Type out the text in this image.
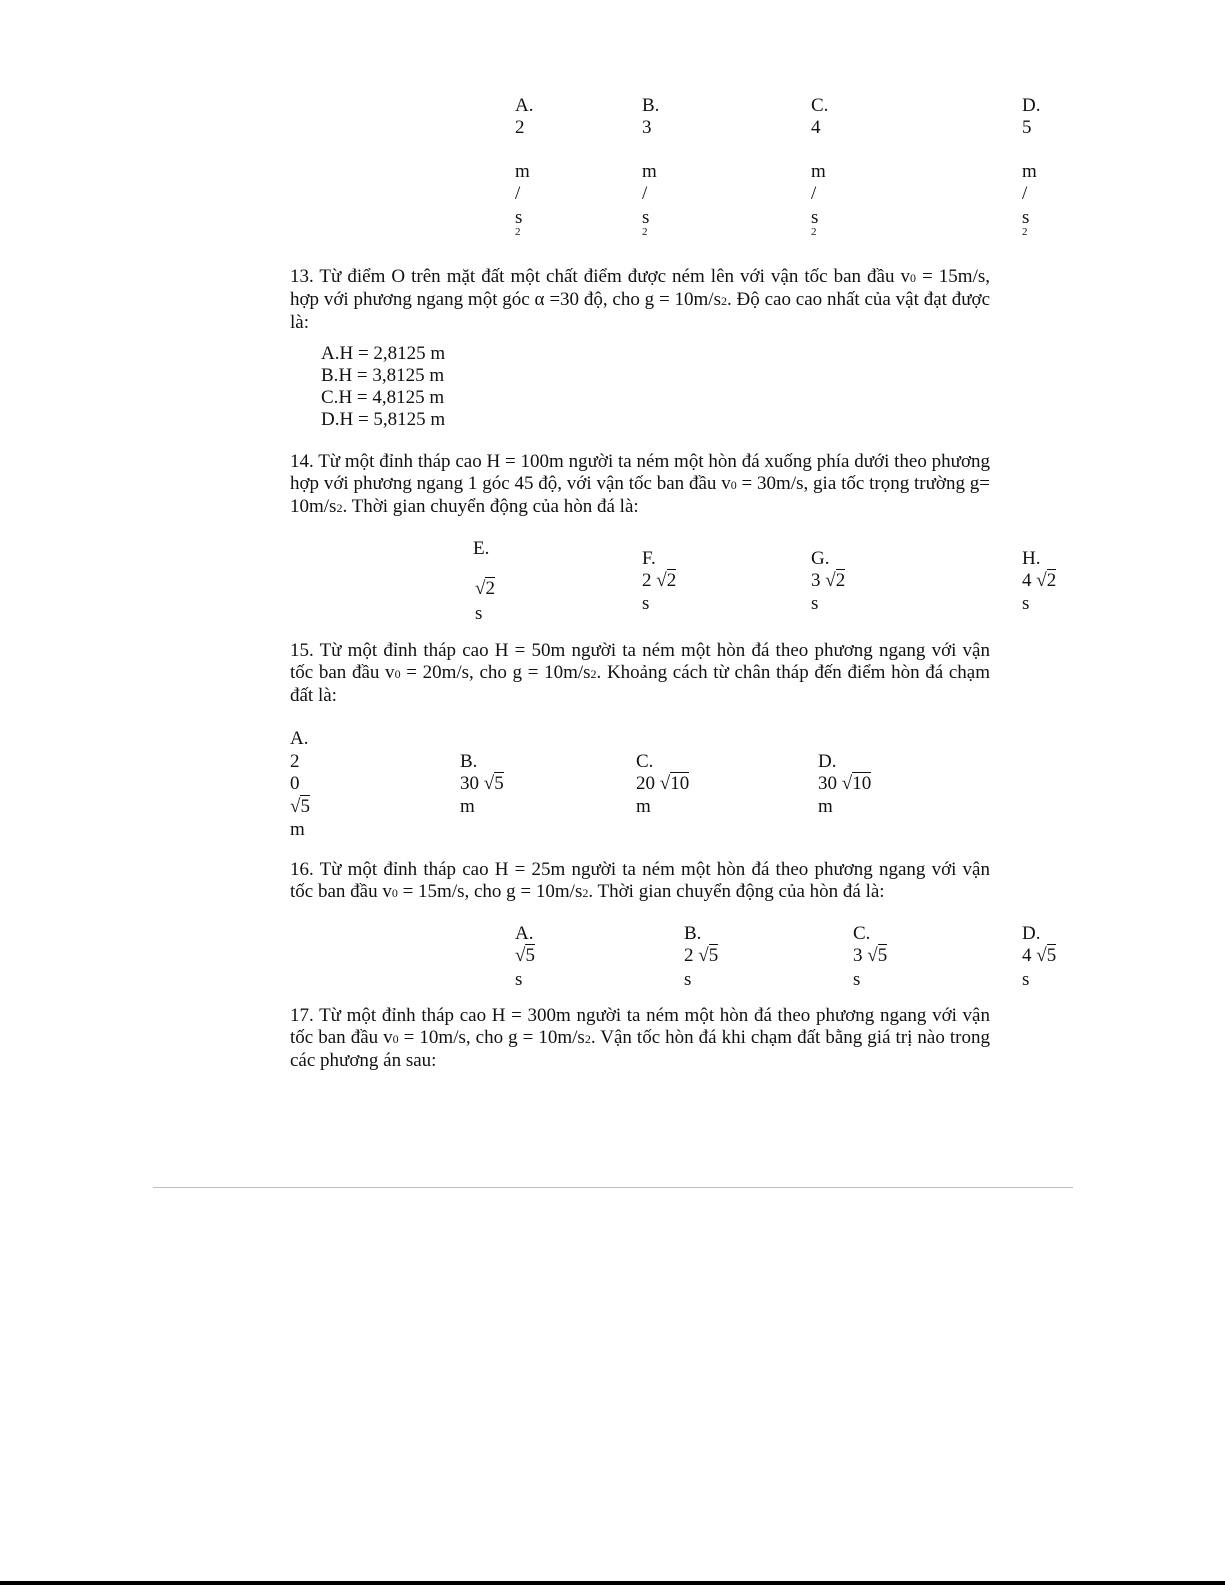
A.
2
m
/
s
2
B.
3
m
/
s
2
C.
4
m
/
s
2
D.
5
m
/
s
2
13. Từ điểm O trên mặt đất một chất điểm được ném lên với vận tốc ban đầu v0 = 15m/s, hợp với phương ngang một góc α =30 độ, cho g = 10m/s2. Độ cao cao nhất của vật đạt được là:
A.H = 2,8125 m
B.H = 3,8125 m
C.H = 4,8125 m
D.H = 5,8125 m
14. Từ một đỉnh tháp cao H = 100m người ta ném một hòn đá xuống phía dưới theo phương hợp với phương ngang 1 góc 45 độ, với vận tốc ban đầu v0 = 30m/s, gia tốc trọng trường g= 10m/s2. Thời gian chuyển động của hòn đá là:
E.
√2
s
F.
2 √2
s
G.
3 √2
s
H.
4 √2
s
15. Từ một đỉnh tháp cao H = 50m người ta ném một hòn đá theo phương ngang với vận tốc ban đầu v0 = 20m/s, cho g = 10m/s2. Khoảng cách từ chân tháp đến điểm hòn đá chạm đất là:
A.
2
0
√5
m
B.
30 √5
m
C.
20 √10
m
D.
30 √10
m
16. Từ một đỉnh tháp cao H = 25m người ta ném một hòn đá theo phương ngang với vận tốc ban đầu v0 = 15m/s, cho g = 10m/s2. Thời gian chuyển động của hòn đá là:
A.
√5
s
B.
2 √5
s
C.
3 √5
s
D.
4 √5
s
17. Từ một đỉnh tháp cao H = 300m người ta ném một hòn đá theo phương ngang với vận tốc ban đầu v0 = 10m/s, cho g = 10m/s2. Vận tốc hòn đá khi chạm đất bằng giá trị nào trong các phương án sau:
